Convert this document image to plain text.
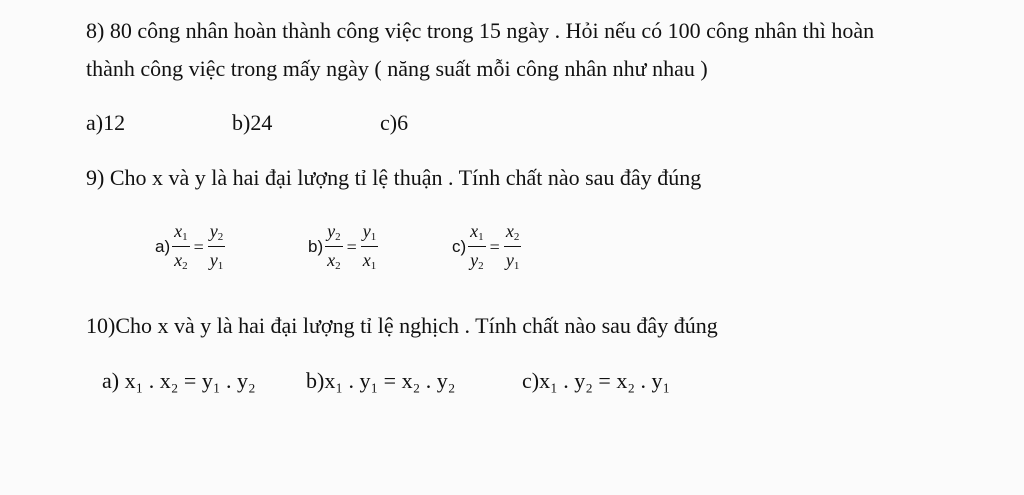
8) 80 công nhân hoàn thành công việc trong 15 ngày . Hỏi nếu có 100 công nhân thì hoàn
thành công việc trong mấy ngày ( năng suất mỗi công nhân như nhau )
a)12	b)24	c)6
9) Cho x và y là hai đại lượng tỉ lệ thuận . Tính chất nào sau đây đúng
$a) \frac{x_1}{x_2} = \frac{y_2}{y_1}$	$b) \frac{y_2}{x_2} = \frac{y_1}{x_1}$	$c) \frac{x_1}{y_2} = \frac{x_2}{y_1}$
10)Cho x và y là hai đại lượng tỉ lệ nghịch . Tính chất nào sau đây đúng
a) x₁ . x₂ = y₁ . y₂ b)x₁ . y₁ = x₂ . y₂	c)x₁ . y₂ = x₂ . y₁
